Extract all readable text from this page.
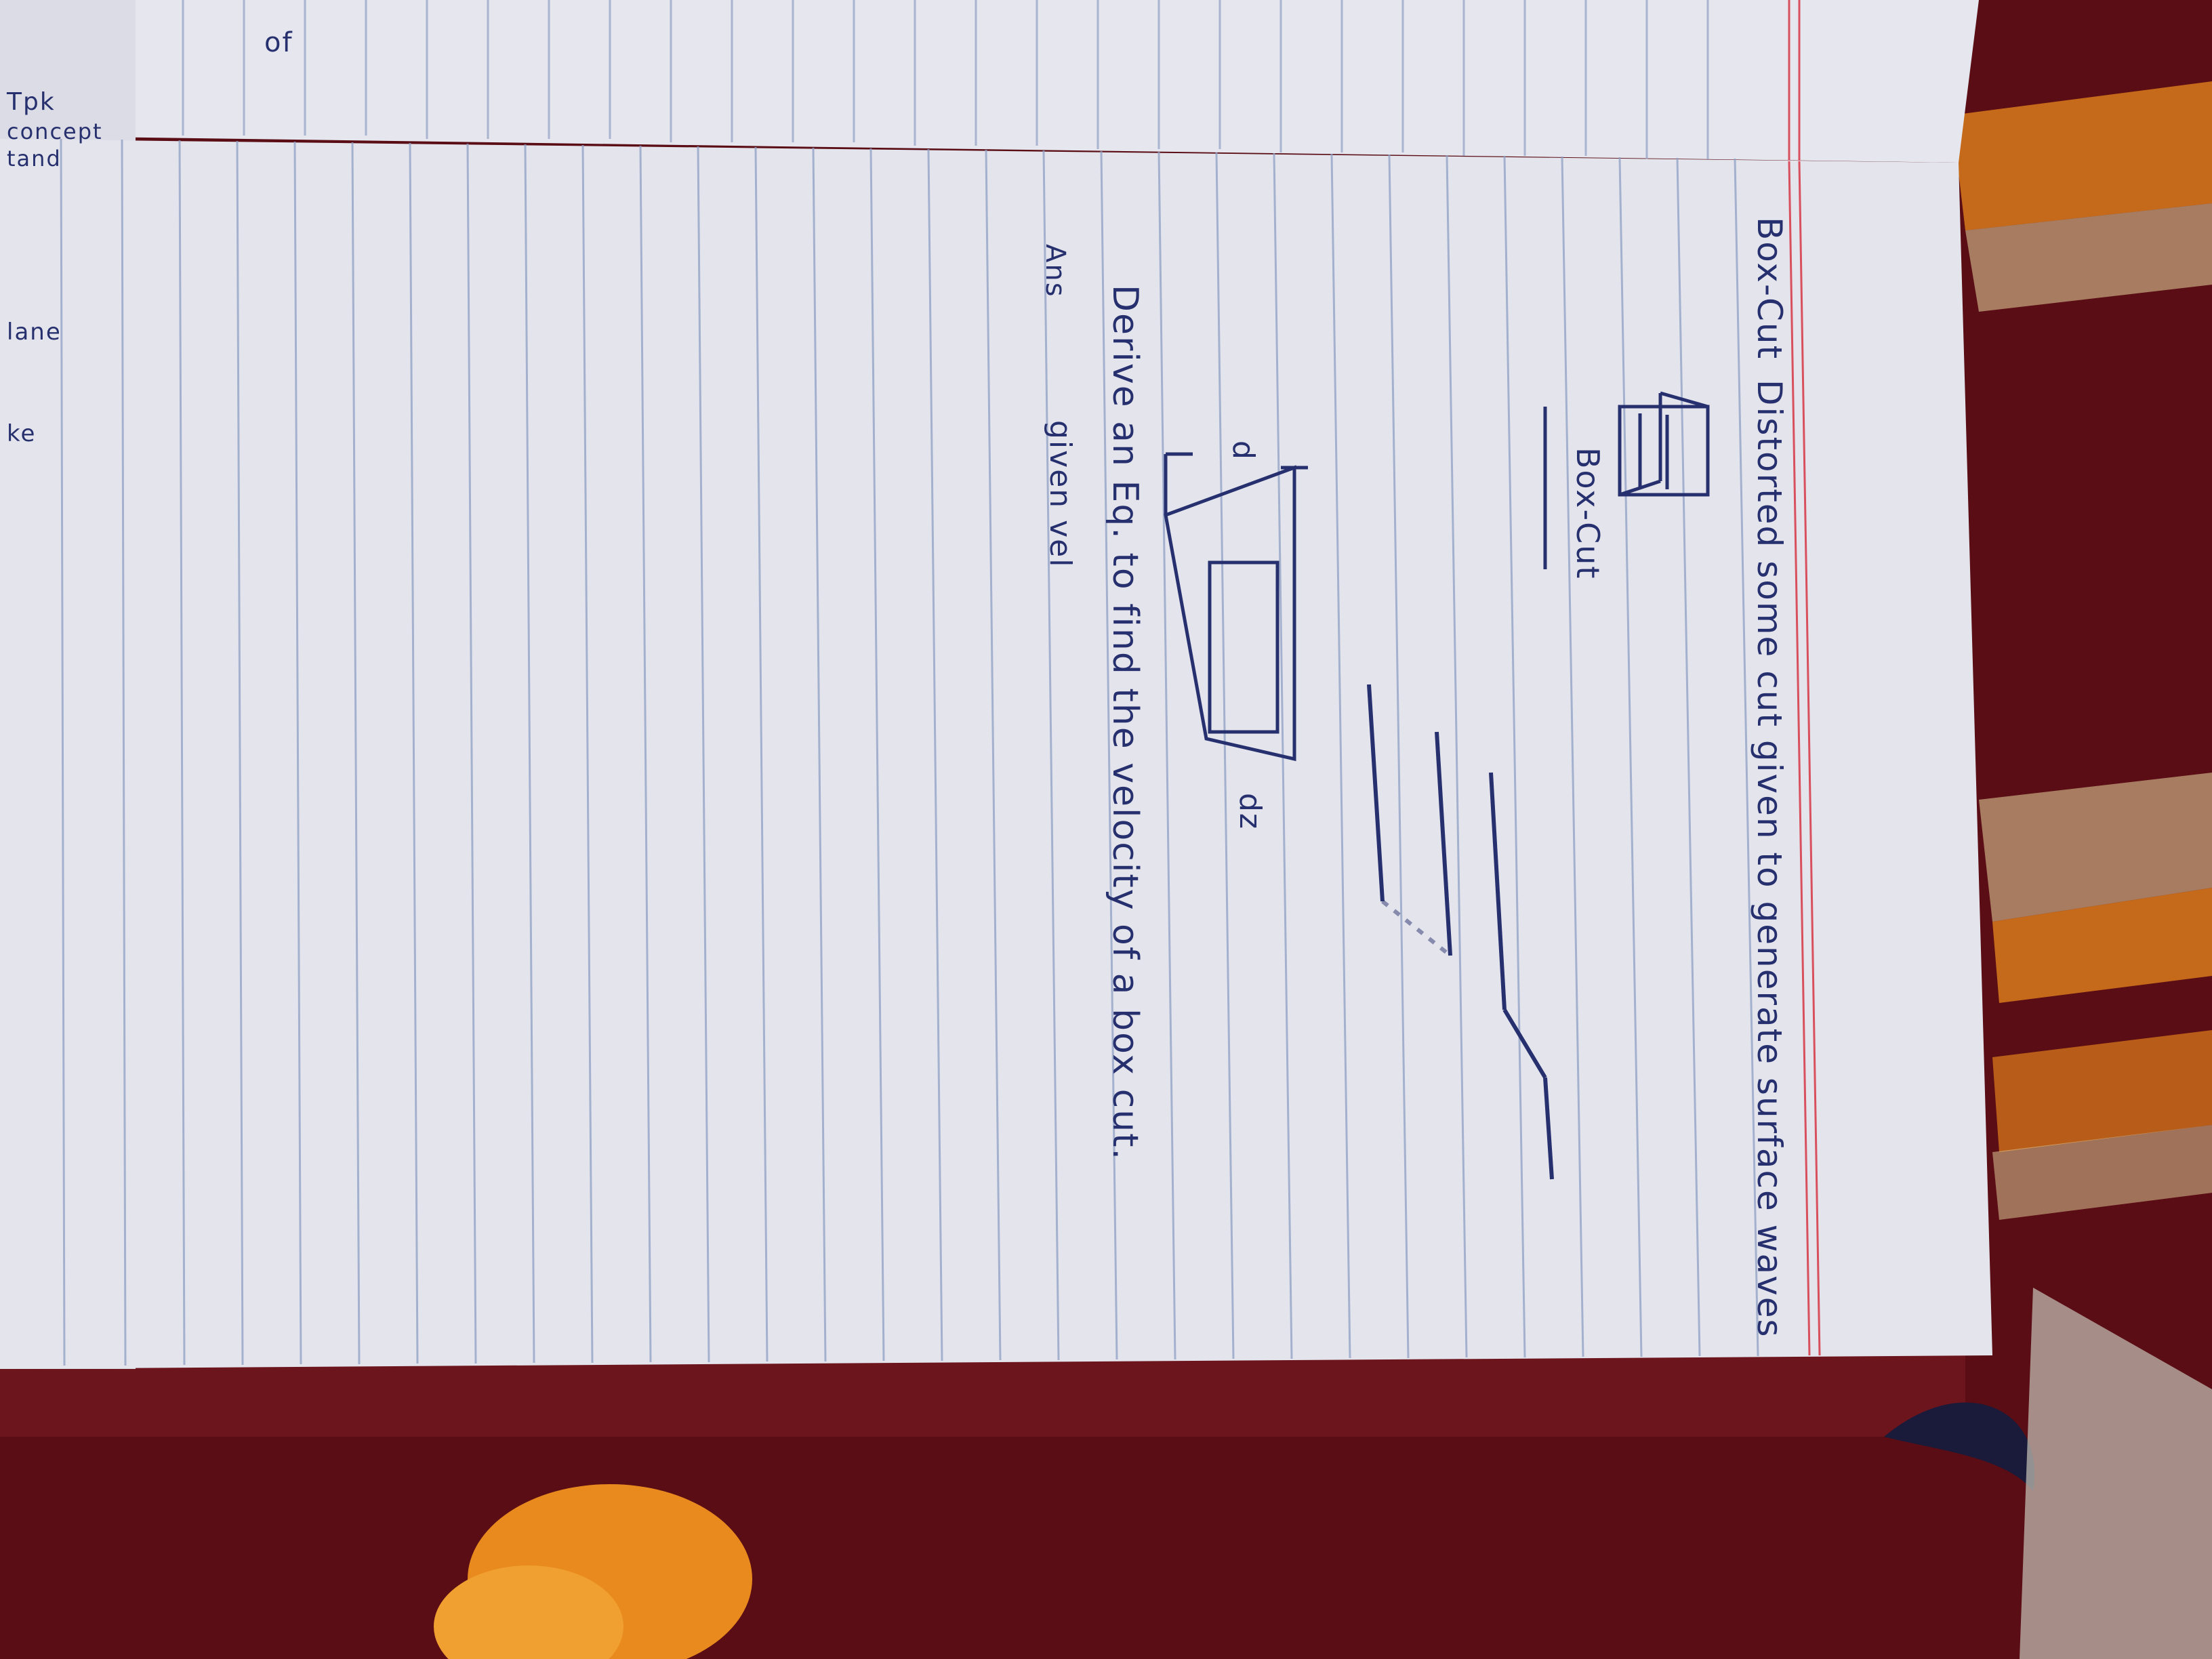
Box-Cut
Distorted some cut given to generate surface waves
Box-Cut
d
dz
Derive an Eq. to find the velocity of a box cut.
Ans
given vel
of
Tpk
concept
tand
lane
ke
